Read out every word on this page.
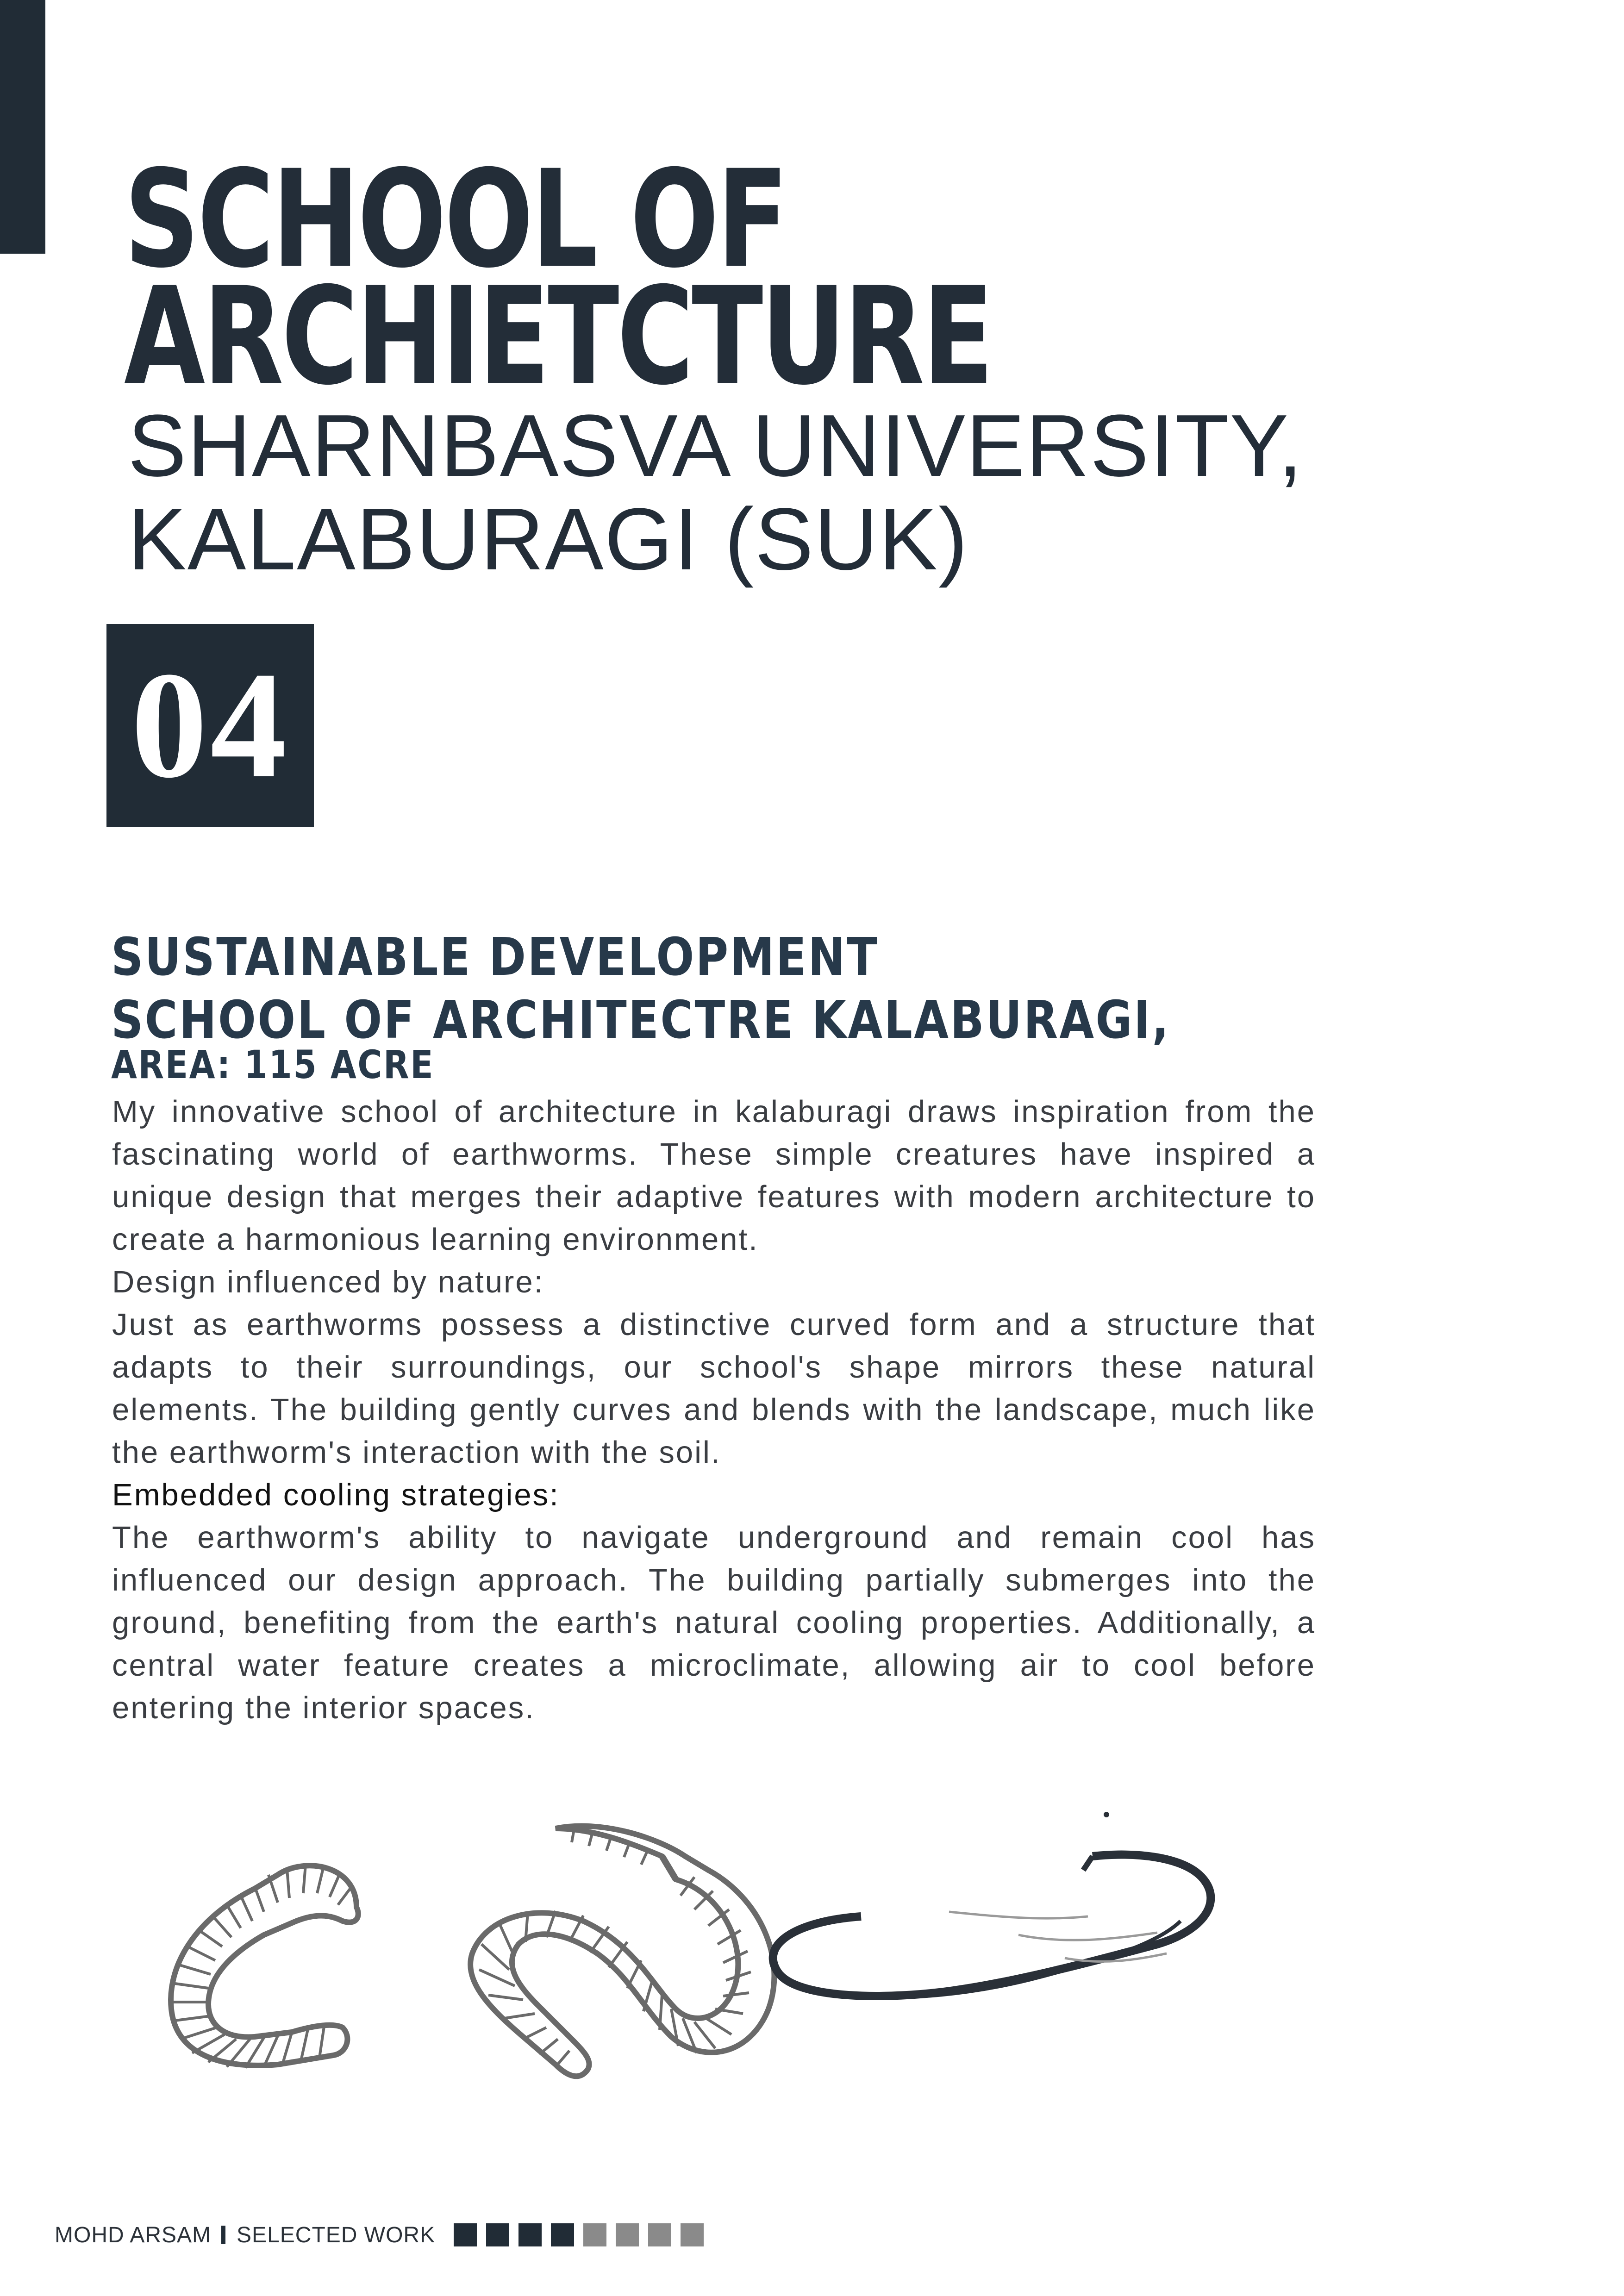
SCHOOL OF
ARCHIETCTURE
SHARNBASVA UNIVERSITY,
KALABURAGI (SUK)
04
SUSTAINABLE DEVELOPMENT
SCHOOL OF ARCHITECTRE KALABURAGI,
AREA: 115 ACRE

My innovative school of architecture in kalaburagi draws inspiration from the fascinating world of earthworms. These simple creatures have inspired a unique design that merges their adaptive features with modern architecture to create a harmonious learning environment.

Design influenced by nature:

Just as earthworms possess a distinctive curved form and a structure that adapts to their surroundings, our school's shape mirrors these natural elements. The building gently curves and blends with the landscape, much like the earthworm's interaction with the soil.

Embedded cooling strategies:

The earthworm's ability to navigate underground and remain cool has influenced our design approach. The building partially submerges into the ground, benefiting from the earth's natural cooling properties. Additionally, a central water feature creates a microclimate, allowing air to cool before entering the interior spaces.

MOHD ARSAM SELECTED WORK
